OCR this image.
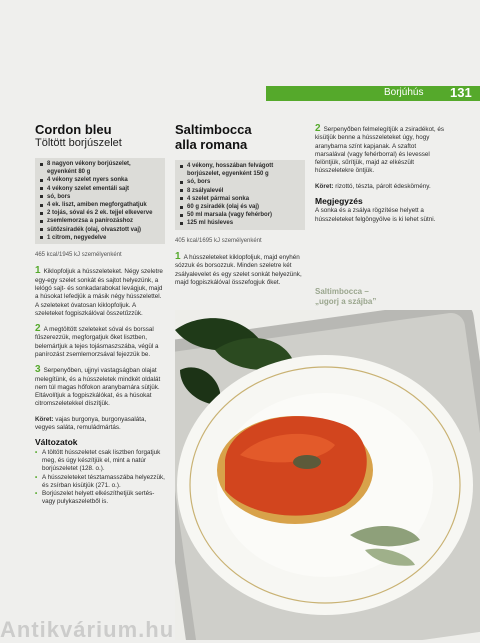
Borjúhús 131
Cordon bleu
Töltött borjúszelet
8 nagyon vékony borjúszelet, egyenként 80 g
4 vékony szelet nyers sonka
4 vékony szelet ementáli sajt
só, bors
4 ek. liszt, amiben megforgathatjuk
2 tojás, sóval és 2 ek. tejjel elkeverve
zsemlemorzsa a panírozáshoz
sütőzsiradék (olaj, olvasztott vaj)
1 citrom, negyedelve
465 kcal/1945 kJ személyenként

1 Kiklopfoljuk a hússzeleteket. Négy szeletre egy-egy szelet sonkát és sajtot helyezünk, a lelógó sajt- és sonkadarabokat levágjuk, majd a húsokat lefedjük a másik négy hússzelettel. A szeleteket óvatosan kiklopfoljuk. A szeleteket fogpiszkálóval összetűzzük.

2 A megtöltött szeleteket sóval és borssal fűszerezzük, megforgatjuk őket lisztben, belemártjuk a tejes tojásmaszszába, végül a panírozást zsemlemorzsával fejezzük be.

3 Serpenyőben, ujjnyi vastagságban olajat melegítünk, és a hússzeletek mindkét oldalát nem túl magas hőfokon aranybarnára sütjük. Eltávolítjuk a fogpiszkálókat, és a húsokat citromszeletekkel díszítjük.

Köret: vajas burgonya, burgonyasaláta, vegyes saláta, remuládmártás.

Változatok
• A töltött hússzeletet csak lisztben forgatjuk meg, és úgy készítjük el, mint a natúr borjúszeletet (128. o.).
• A hússzeleteket tésztamasszába helyezzük, és zsírban kisütjük (271. o.).
• Borjúszelet helyett elkészíthetjük sertés- vagy pulykaszeletből is.
Saltimbocca
alla romana
4 vékony, hosszában felvágott borjúszelet, egyenként 150 g
só, bors
8 zsályalevél
4 szelet pármai sonka
60 g zsiradék (olaj és vaj)
50 ml marsala (vagy fehérbor)
125 ml húsleves
405 kcal/1695 kJ személyenként

1 A hússzeleteket kiklopfoljuk, majd enyhén sózzuk és borsozzuk. Minden szeletre két zsályalevelet és egy szelet sonkát helyezünk, majd fogpiszkálóval összefogjuk őket.

2 Serpenyőben felmelegítjük a zsiradékot, és kisütjük benne a hússzeleteket úgy, hogy aranybarna színt kapjanak. A szaftot marsalával (vagy fehérborral) és levessel felöntjük, sűrítjük, majd az elkészült hússzeletekre öntjük.

Köret: rizottó, tészta, párolt édeskömény.

Megjegyzés

A sonka és a zsálya rögzítése helyett a hússzeleteket felgöngyölve is ki lehet sütni.

Saltimbocca –
„ugorj a szájba”
Antikvárium.hu
